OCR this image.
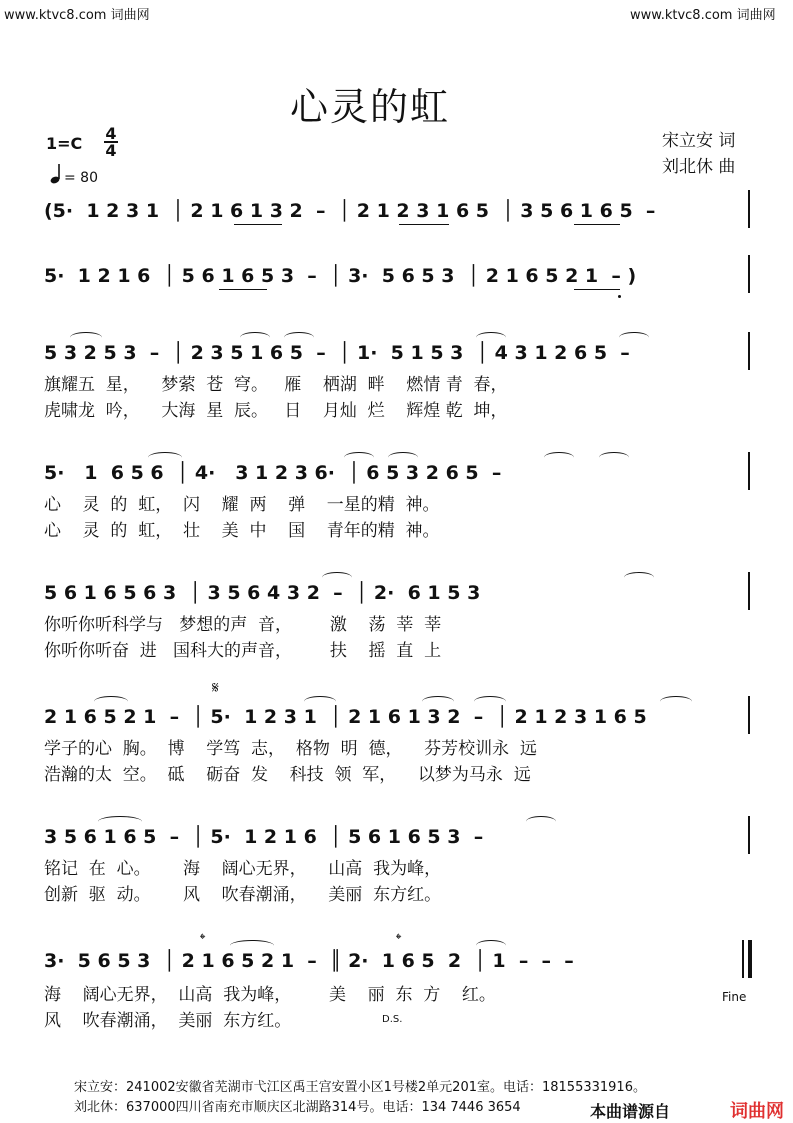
www.ktvc8.com 词曲网	www.ktvc8.com 词曲网
心灵的虹
宋立安 词
刘北休 曲
$1=C \frac{4}{4}$
= 80
(5·  1 2 3 1  │ 2 1 6 1 3 2  –  │ 2 1 2 3 1 6 5  │ 3 5 6 1 6 5  –
5·  1 2 1 6  │ 5 6 1 6 5 3  –  │ 3·  5 6 5 3  │ 2 1 6 5 2 1  – )
5 3 2 5 3  –  │ 2 3 5 1 6 5  –  │ 1·  5 1 5 3  │ 4 3 1 2 6 5  –
旗耀五  星，    梦萦  苍  穹。   雁    栖湖  畔    燃情 青  春，
虎啸龙  吟，    大海  星  辰。   日    月灿  烂    辉煌 乾  坤，
5·   1  6 5 6  │ 4·   3 1 2 3 6·  │ 6 5 3 2 6 5  –
心    灵  的  虹，  闪    耀  两    弹    一星的精  神。
心    灵  的  虹，  壮    美  中    国    青年的精  神。
5 6 1 6 5 6 3  │ 3 5 6 4 3 2  –  │ 2·  6 1 5 3
你听你听科学与   梦想的声  音，       激    荡  莘  莘
你听你听奋  进   国科大的声音，       扶    摇  直  上
𝄋
2 1 6 5 2 1  –  │ 5·  1 2 3 1  │ 2 1 6 1 3 2  –  │ 2 1 2 3 1 6 5
学子的心  胸。  博    学笃  志，  格物  明  德，    芬芳校训永  远
浩瀚的太  空。  砥    砺奋  发    科技  领  军，    以梦为马永  远
3 5 6 1 6 5  –  │ 5·  1 2 1 6  │ 5 6 1 6 5 3  –
铭记  在  心。      海    阔心无界，    山高  我为峰，
创新  驱  动。      风    吹春潮涌，    美丽  东方红。
𝄌	𝄌
3·  5 6 5 3  │ 2 1 6 5 2 1  –  ║ 2·  1 6 5  2  │ 1  –  –  –
海    阔心无界，  山高  我为峰，       美    丽  东  方    红。
风    吹春潮涌，  美丽  东方红。
Fine
D.S.
宋立安：241002安徽省芜湖市弋江区禹王宫安置小区1号楼2单元201室。电话：18155331916。
刘北休：637000四川省南充市顺庆区北湖路314号。电话：134 7446 3654	本曲谱源自	词曲网
